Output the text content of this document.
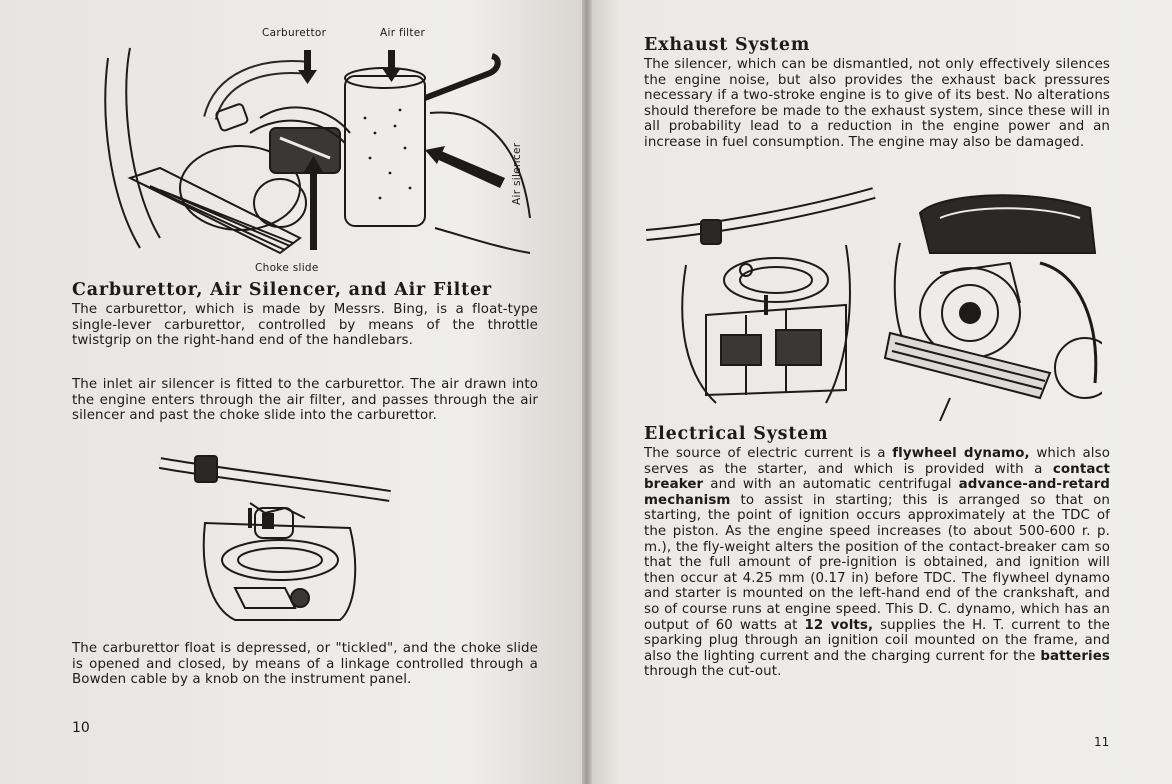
Carburettor	Air filter
Air silencer
Choke slide
Carburettor, Air Silencer, and Air Filter

The carburettor, which is made by Messrs. Bing, is a float-type single-lever carburettor, controlled by means of the throttle twistgrip on the right-hand end of the handlebars.

The inlet air silencer is fitted to the carburettor. The air drawn into the engine enters through the air filter, and passes through the air silencer and past the choke slide into the carburettor.

The carburettor float is depressed, or "tickled", and the choke slide is opened and closed, by means of a linkage controlled through a Bowden cable by a knob on the instrument panel.

10
Exhaust System

The silencer, which can be dismantled, not only effectively silences the engine noise, but also provides the exhaust back pressures necessary if a two-stroke engine is to give of its best. No alterations should therefore be made to the exhaust system, since these will in all probability lead to a reduction in the engine power and an increase in fuel consumption. The engine may also be damaged.

Electrical System

The source of electric current is a flywheel dynamo, which also serves as the starter, and which is provided with a contact breaker and with an automatic centrifugal advance-and-retard mechanism to assist in starting; this is arranged so that on starting, the point of ignition occurs approximately at the TDC of the piston. As the engine speed increases (to about 500-600 r. p. m.), the fly-weight alters the position of the contact-breaker cam so that the full amount of pre-ignition is obtained, and ignition will then occur at 4.25 mm (0.17 in) before TDC. The flywheel dynamo and starter is mounted on the left-hand end of the crankshaft, and so of course runs at engine speed. This D. C. dynamo, which has an output of 60 watts at 12 volts, supplies the H. T. current to the sparking plug through an ignition coil mounted on the frame, and also the lighting current and the charging current for the batteries through the cut-out.

11
